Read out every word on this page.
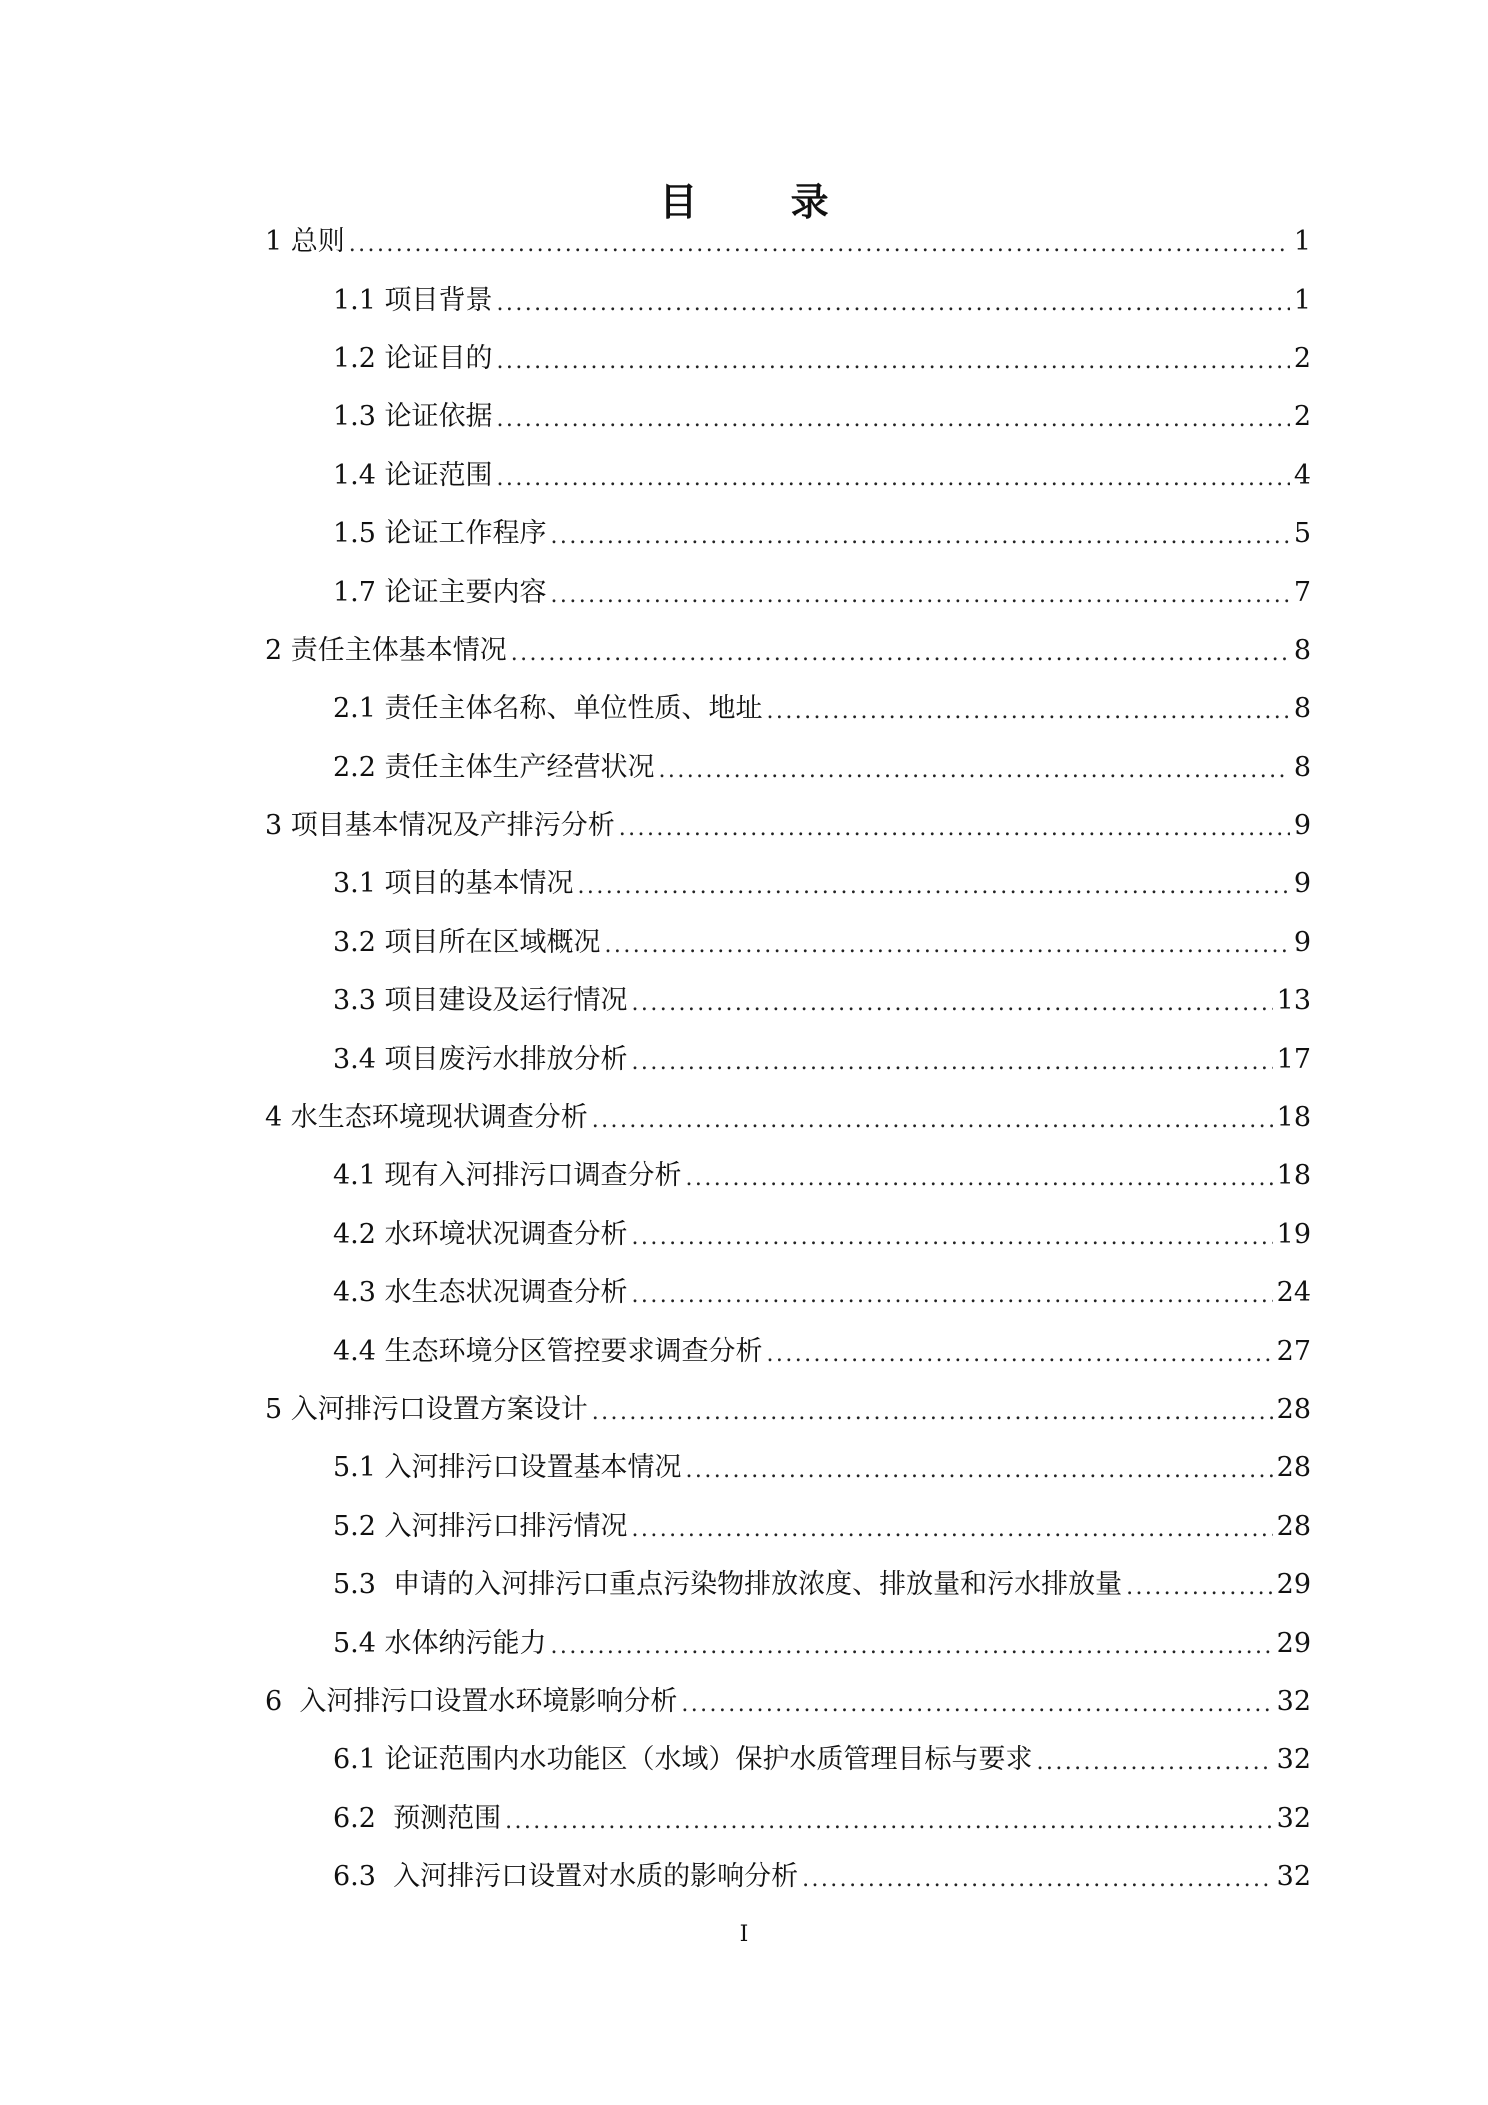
目 录
1 总则 .....	1
1.1 项目背景 .....	1
1.2 论证目的 .....	2
1.3 论证依据 .....	2
1.4 论证范围 .....	4
1.5 论证工作程序 .....	5
1.7 论证主要内容 .....	7
2 责任主体基本情况 .....	8
2.1 责任主体名称、单位性质、地址 .....	8
2.2 责任主体生产经营状况 .....	8
3 项目基本情况及产排污分析 .....	9
3.1 项目的基本情况 .....	9
3.2 项目所在区域概况 .....	9
3.3 项目建设及运行情况 .....	13
3.4 项目废污水排放分析 .....	17
4 水生态环境现状调查分析 .....	18
4.1 现有入河排污口调查分析 .....	18
4.2 水环境状况调查分析 .....	19
4.3 水生态状况调查分析 .....	24
4.4 生态环境分区管控要求调查分析 .....	27
5 入河排污口设置方案设计 .....	28
5.1 入河排污口设置基本情况 .....	28
5.2 入河排污口排污情况 .....	28
5.3  申请的入河排污口重点污染物排放浓度、排放量和污水排放量 .....	29
5.4 水体纳污能力 .....	29
6  入河排污口设置水环境影响分析 .....	32
6.1 论证范围内水功能区（水域）保护水质管理目标与要求 .....	32
6.2  预测范围 .....	32
6.3  入河排污口设置对水质的影响分析 .....	32
I
